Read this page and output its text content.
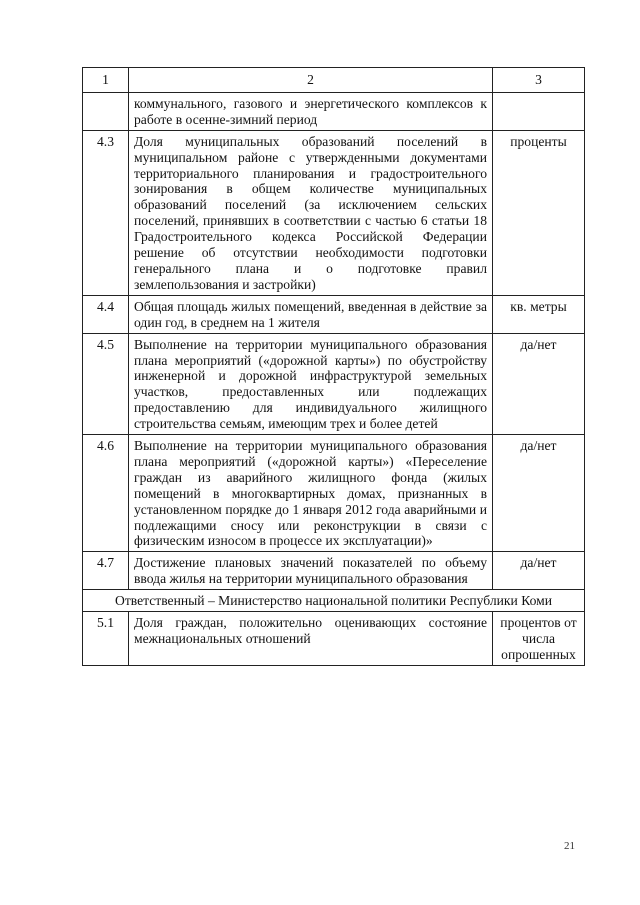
1	2	3
	коммунального, газового и энергетического комплексов к работе в осенне-зимний период	
4.3	Доля муниципальных образований поселений в муниципальном районе с утвержденными документами территориального планирования и градостроительного зонирования в общем количестве муниципальных образований поселений (за исключением сельских поселений, принявших в соответствии с частью 6 статьи 18 Градостроительного кодекса Российской Федерации решение об отсутствии необходимости подготовки генерального плана и о подготовке правил землепользования и застройки)	проценты
4.4	Общая площадь жилых помещений, введенная в действие за один год, в среднем на 1 жителя	кв. метры
4.5	Выполнение на территории муниципального образования плана мероприятий («дорожной карты») по обустройству инженерной и дорожной инфраструктурой земельных участков, предоставленных или подлежащих предоставлению для индивидуального жилищного строительства семьям, имеющим трех и более детей	да/нет
4.6	Выполнение на территории муниципального образования плана мероприятий («дорожной карты») «Переселение граждан из аварийного жилищного фонда (жилых помещений в многоквартирных домах, признанных в установленном порядке до 1 января 2012 года аварийными и подлежащими сносу или реконструкции в связи с физическим износом в процессе их эксплуатации)»	да/нет
4.7	Достижение плановых значений показателей по объему ввода жилья на территории муниципального образования	да/нет
Ответственный – Министерство национальной политики Республики Коми		
5.1	Доля граждан, положительно оценивающих состояние межнациональных отношений	процентов от числа опрошенных
21
